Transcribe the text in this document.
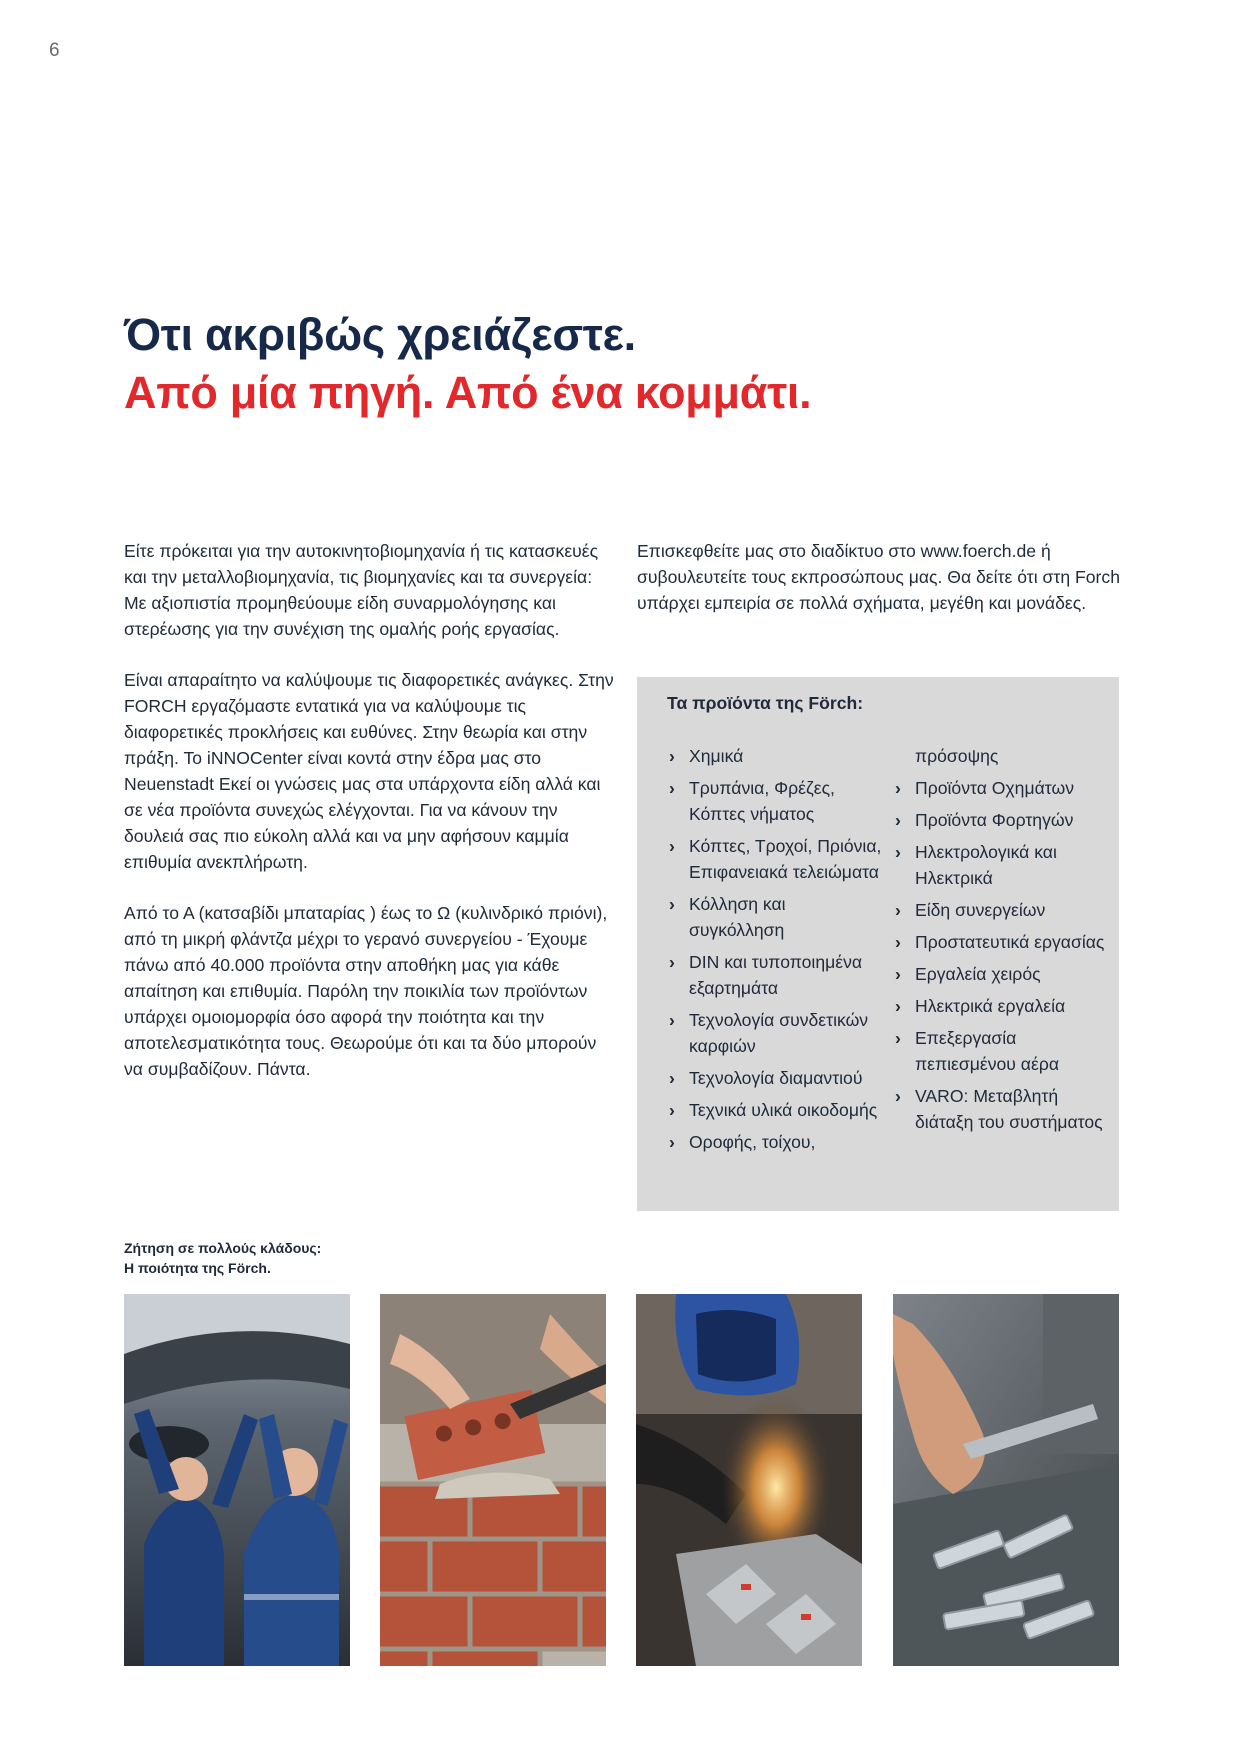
6
Ότι ακριβώς χρειάζεστε.
Από μία πηγή. Από ένα κομμάτι.

Είτε πρόκειται για την αυτοκινητοβιομηχανία ή τις κατασκευές και την μεταλλοβιομηχανία, τις βιομηχανίες και τα συνεργεία: Με αξιοπιστία προμηθεύουμε είδη συναρμολόγησης και στερέωσης για την συνέχιση της ομαλής ροής εργασίας.

Είναι απαραίτητο να καλύψουμε τις διαφορετικές ανάγκες. Στην FORCH εργαζόμαστε εντατικά για να καλύψουμε τις διαφορετικές προκλήσεις και ευθύνες. Στην θεωρία και στην πράξη. Το iNNOCenter είναι κοντά στην έδρα μας στο Neuenstadt Εκεί οι γνώσεις μας στα υπάρχοντα είδη αλλά και σε νέα προϊόντα συνεχώς ελέγχονται. Για να κάνουν την δουλειά σας πιο εύκολη αλλά και να μην αφήσουν καμμία επιθυμία ανεκπλήρωτη.

Από το Α (κατσαβίδι μπαταρίας ) έως το Ω (κυλινδρικό πριόνι), από τη μικρή φλάντζα μέχρι το γερανό συνεργείου - Έχουμε πάνω από 40.000 προϊόντα στην αποθήκη μας για κάθε απαίτηση και επιθυμία. Παρόλη την ποικιλία των προϊόντων υπάρχει ομοιομορφία όσο αφορά την ποιότητα και την αποτελεσματικότητα τους. Θεωρούμε ότι και τα δύο μπορούν να συμβαδίζουν. Πάντα.

Επισκεφθείτε μας στο διαδίκτυο στο www.foerch.de ή συβουλευτείτε τους εκπροσώπους μας. Θα δείτε ότι στη Forch υπάρχει εμπειρία σε πολλά σχήματα, μεγέθη και μονάδες.

Τα προϊόντα της Förch:
› Χημικά
› Τρυπάνια, Φρέζες, Κόπτες νήματος
› Κόπτες, Τροχοί, Πριόνια, Επιφανειακά τελειώματα
› Κόλληση και συγκόλληση
› DIN και τυποποιημένα εξαρτημάτα
› Τεχνολογία συνδετικών καρφιών
› Τεχνολογία διαμαντιού
› Τεχνικά υλικά οικοδομής
› Οροφής, τοίχου,
πρόσοψης
› Προϊόντα Οχημάτων
› Προϊόντα Φορτηγών
› Ηλεκτρολογικά και Ηλεκτρικά
› Είδη συνεργείων
› Προστατευτικά εργασίας
› Εργαλεία χειρός
› Ηλεκτρικά εργαλεία
› Επεξεργασία πεπιεσμένου αέρα
› VARO: Μεταβλητή διάταξη του συστήματος
Ζήτηση σε πολλούς κλάδους:
Η ποιότητα της Förch.
